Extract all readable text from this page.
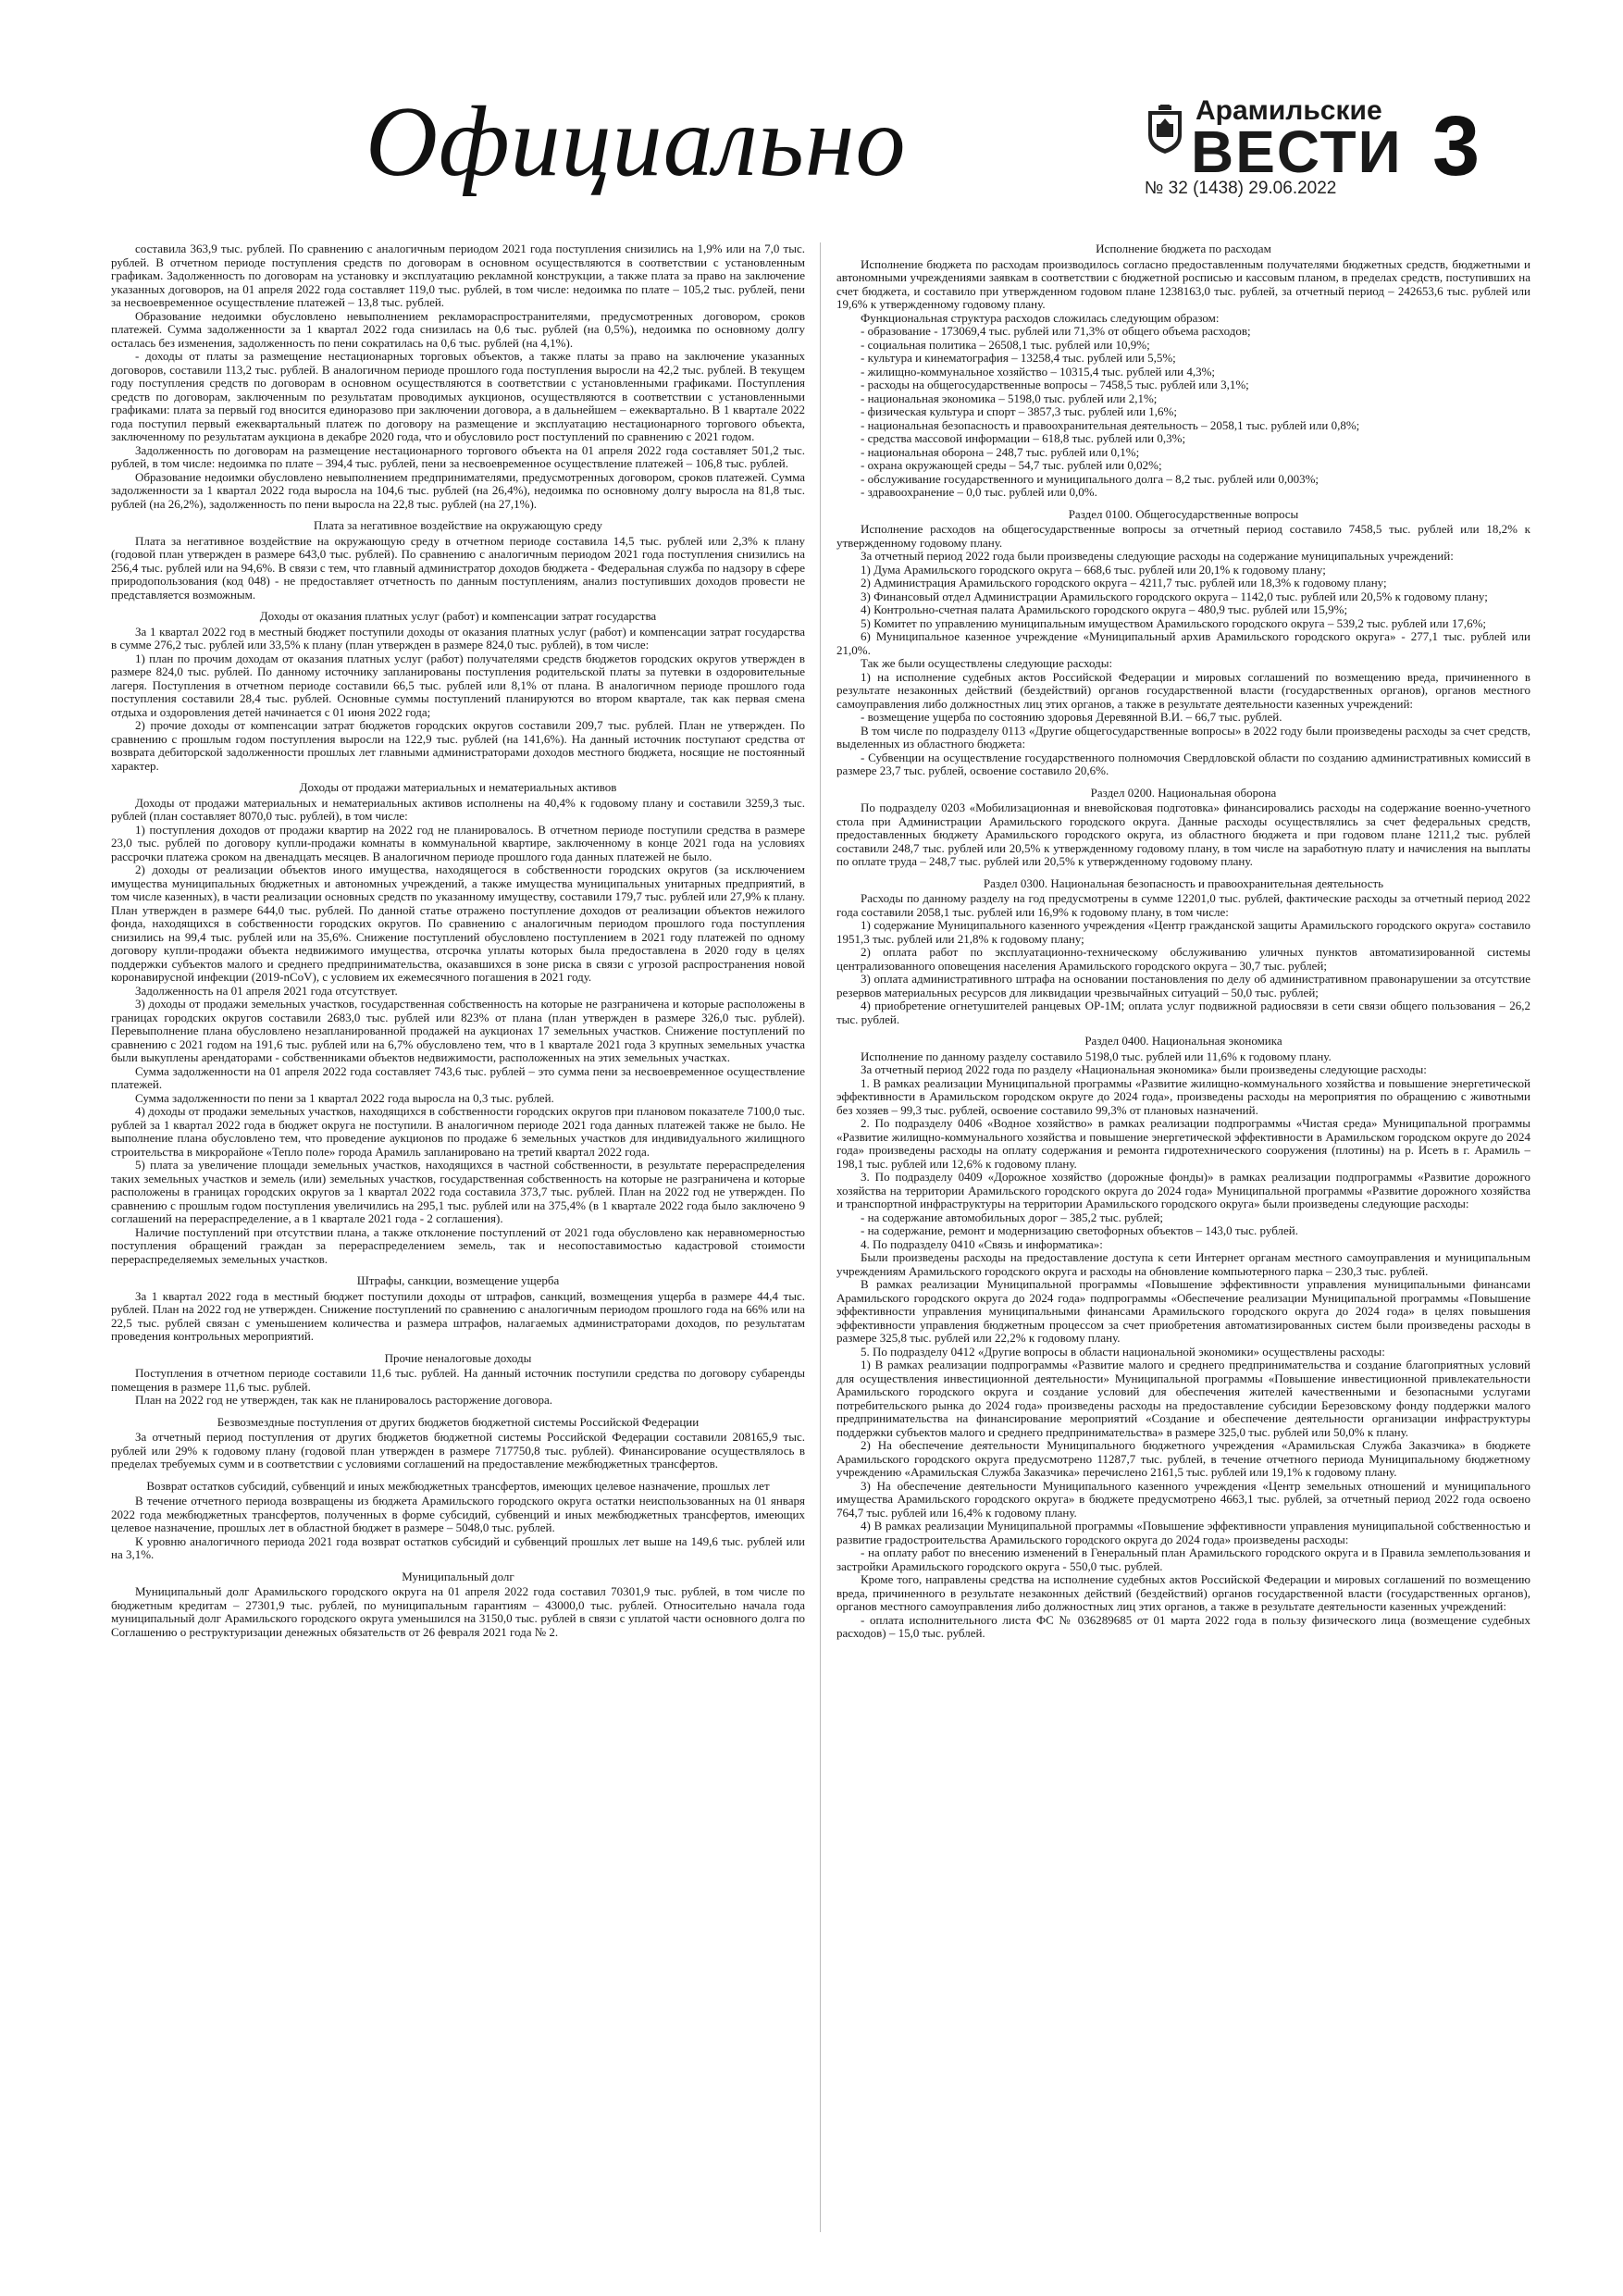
Официально	Арамильские
ВЕСТИ
№ 32 (1438) 29.06.2022 3
составила 363,9 тыс. рублей. По сравнению с аналогичным периодом 2021 года поступления снизились на 1,9% или на 7,0 тыс. рублей. В отчетном периоде поступления средств по договорам в основном осуществляются в соответствии с установленным графикам. Задолженность по договорам на установку и эксплуатацию рекламной конструкции, а также плата за право на заключение указанных договоров, на 01 апреля 2022 года составляет 119,0 тыс. рублей, в том числе: недоимка по плате – 105,2 тыс. рублей, пени за несвоевременное осуществление платежей – 13,8 тыс. рублей.
Образование недоимки обусловлено невыполнением рекламораспространителями, предусмотренных договором, сроков платежей. Сумма задолженности за 1 квартал 2022 года снизилась на 0,6 тыс. рублей (на 0,5%), недоимка по основному долгу осталась без изменения, задолженность по пени сократилась на 0,6 тыс. рублей (на 4,1%).
- доходы от платы за размещение нестационарных торговых объектов, а также платы за право на заключение указанных договоров, составили 113,2 тыс. рублей. В аналогичном периоде прошлого года поступления выросли на 42,2 тыс. рублей. В текущем году поступления средств по договорам в основном осуществляются в соответствии с установленными графиками. Поступления средств по договорам, заключенным по результатам проводимых аукционов, осуществляются в соответствии с установленными графиками: плата за первый год вносится единоразово при заключении договора, а в дальнейшем – ежеквартально. В 1 квартале 2022 года поступил первый ежеквартальный платеж по договору на размещение и эксплуатацию нестационарного торгового объекта, заключенному по результатам аукциона в декабре 2020 года, что и обусловило рост поступлений по сравнению с 2021 годом.
Задолженность по договорам на размещение нестационарного торгового объекта на 01 апреля 2022 года составляет 501,2 тыс. рублей, в том числе: недоимка по плате – 394,4 тыс. рублей, пени за несвоевременное осуществление платежей – 106,8 тыс. рублей.
Образование недоимки обусловлено невыполнением предпринимателями, предусмотренных договором, сроков платежей. Сумма задолженности за 1 квартал 2022 года выросла на 104,6 тыс. рублей (на 26,4%), недоимка по основному долгу выросла на 81,8 тыс. рублей (на 26,2%), задолженность по пени выросла на 22,8 тыс. рублей (на 27,1%).
Плата за негативное воздействие на окружающую среду
Плата за негативное воздействие на окружающую среду в отчетном периоде составила 14,5 тыс. рублей или 2,3% к плану (годовой план утвержден в размере 643,0 тыс. рублей). По сравнению с аналогичным периодом 2021 года поступления снизились на 256,4 тыс. рублей или на 94,6%. В связи с тем, что главный администратор доходов бюджета - Федеральная служба по надзору в сфере природопользования (код 048) - не предоставляет отчетность по данным поступлениям, анализ поступивших доходов провести не представляется возможным.
Доходы от оказания платных услуг (работ) и компенсации затрат государства
За 1 квартал 2022 год в местный бюджет поступили доходы от оказания платных услуг (работ) и компенсации затрат государства в сумме 276,2 тыс. рублей или 33,5% к плану (план утвержден в размере 824,0 тыс. рублей), в том числе:
1) план по прочим доходам от оказания платных услуг (работ) получателями средств бюджетов городских округов утвержден в размере 824,0 тыс. рублей. По данному источнику запланированы поступления родительской платы за путевки в оздоровительные лагеря. Поступления в отчетном периоде составили 66,5 тыс. рублей или 8,1% от плана. В аналогичном периоде прошлого года поступления составили 28,4 тыс. рублей. Основные суммы поступлений планируются во втором квартале, так как первая смена отдыха и оздоровления детей начинается с 01 июня 2022 года;
2) прочие доходы от компенсации затрат бюджетов городских округов составили 209,7 тыс. рублей. План не утвержден. По сравнению с прошлым годом поступления выросли на 122,9 тыс. рублей (на 141,6%). На данный источник поступают средства от возврата дебиторской задолженности прошлых лет главными администраторами доходов местного бюджета, носящие не постоянный характер.
Доходы от продажи материальных и нематериальных активов
Доходы от продажи материальных и нематериальных активов исполнены на 40,4% к годовому плану и составили 3259,3 тыс. рублей (план составляет 8070,0 тыс. рублей), в том числе:
1) поступления доходов от продажи квартир на 2022 год не планировалось. В отчетном периоде поступили средства в размере 23,0 тыс. рублей по договору купли-продажи комнаты в коммунальной квартире, заключенному в конце 2021 года на условиях рассрочки платежа сроком на двенадцать месяцев. В аналогичном периоде прошлого года данных платежей не было.
2) доходы от реализации объектов иного имущества, находящегося в собственности городских округов (за исключением имущества муниципальных бюджетных и автономных учреждений, а также имущества муниципальных унитарных предприятий, в том числе казенных), в части реализации основных средств по указанному имуществу, составили 179,7 тыс. рублей или 27,9% к плану. План утвержден в размере 644,0 тыс. рублей. По данной статье отражено поступление доходов от реализации объектов нежилого фонда, находящихся в собственности городских округов. По сравнению с аналогичным периодом прошлого года поступления снизились на 99,4 тыс. рублей или на 35,6%. Снижение поступлений обусловлено поступлением в 2021 году платежей по одному договору купли-продажи объекта недвижимого имущества, отсрочка уплаты которых была предоставлена в 2020 году в целях поддержки субъектов малого и среднего предпринимательства, оказавшихся в зоне риска в связи с угрозой распространения новой коронавирусной инфекции (2019-nCoV), с условием их ежемесячного погашения в 2021 году.
Задолженность на 01 апреля 2021 года отсутствует.
3) доходы от продажи земельных участков, государственная собственность на которые не разграничена и которые расположены в границах городских округов составили 2683,0 тыс. рублей или 823% от плана (план утвержден в размере 326,0 тыс. рублей). Перевыполнение плана обусловлено незапланированной продажей на аукционах 17 земельных участков. Снижение поступлений по сравнению с 2021 годом на 191,6 тыс. рублей или на 6,7% обусловлено тем, что в 1 квартале 2021 года 3 крупных земельных участка были выкуплены арендаторами - собственниками объектов недвижимости, расположенных на этих земельных участках.
Сумма задолженности на 01 апреля 2022 года составляет 743,6 тыс. рублей – это сумма пени за несвоевременное осуществление платежей.
Сумма задолженности по пени за 1 квартал 2022 года выросла на 0,3 тыс. рублей.
4) доходы от продажи земельных участков, находящихся в собственности городских округов при плановом показателе 7100,0 тыс. рублей за 1 квартал 2022 года в бюджет округа не поступили. В аналогичном периоде 2021 года данных платежей также не было. Не выполнение плана обусловлено тем, что проведение аукционов по продаже 6 земельных участков для индивидуального жилищного строительства в микрорайоне «Тепло поле» города Арамиль запланировано на третий квартал 2022 года.
5) плата за увеличение площади земельных участков, находящихся в частной собственности, в результате перераспределения таких земельных участков и земель (или) земельных участков, государственная собственность на которые не разграничена и которые расположены в границах городских округов за 1 квартал 2022 года составила 373,7 тыс. рублей. План на 2022 год не утвержден. По сравнению с прошлым годом поступления увеличились на 295,1 тыс. рублей или на 375,4% (в 1 квартале 2022 года было заключено 9 соглашений на перераспределение, а в 1 квартале 2021 года - 2 соглашения).
Наличие поступлений при отсутствии плана, а также отклонение поступлений от 2021 года обусловлено как неравномерностью поступления обращений граждан за перераспределением земель, так и несопоставимостью кадастровой стоимости перераспределяемых земельных участков.
Штрафы, санкции, возмещение ущерба
За 1 квартал 2022 года в местный бюджет поступили доходы от штрафов, санкций, возмещения ущерба в размере 44,4 тыс. рублей. План на 2022 год не утвержден. Снижение поступлений по сравнению с аналогичным периодом прошлого года на 66% или на 22,5 тыс. рублей связан с уменьшением количества и размера штрафов, налагаемых администраторами доходов, по результатам проведения контрольных мероприятий.
Прочие неналоговые доходы
Поступления в отчетном периоде составили 11,6 тыс. рублей. На данный источник поступили средства по договору субаренды помещения в размере 11,6 тыс. рублей.
План на 2022 год не утвержден, так как не планировалось расторжение договора.
Безвозмездные поступления от других бюджетов бюджетной системы Российской Федерации
За отчетный период поступления от других бюджетов бюджетной системы Российской Федерации составили 208165,9 тыс. рублей или 29% к годовому плану (годовой план утвержден в размере 717750,8 тыс. рублей). Финансирование осуществлялось в пределах требуемых сумм и в соответствии с условиями соглашений на предоставление межбюджетных трансфертов.
Возврат остатков субсидий, субвенций и иных межбюджетных трансфертов, имеющих целевое назначение, прошлых лет
В течение отчетного периода возвращены из бюджета Арамильского городского округа остатки неиспользованных на 01 января 2022 года межбюджетных трансфертов, полученных в форме субсидий, субвенций и иных межбюджетных трансфертов, имеющих целевое назначение, прошлых лет в областной бюджет в размере – 5048,0 тыс. рублей.
К уровню аналогичного периода 2021 года возврат остатков субсидий и субвенций прошлых лет выше на 149,6 тыс. рублей или на 3,1%.
Муниципальный долг
Муниципальный долг Арамильского городского округа на 01 апреля 2022 года составил 70301,9 тыс. рублей, в том числе по бюджетным кредитам – 27301,9 тыс. рублей, по муниципальным гарантиям – 43000,0 тыс. рублей. Относительно начала года муниципальный долг Арамильского городского округа уменьшился на 3150,0 тыс. рублей в связи с уплатой части основного долга по Соглашению о реструктуризации денежных обязательств от 26 февраля 2021 года № 2.
Исполнение бюджета по расходам
Исполнение бюджета по расходам производилось согласно предоставленным получателями бюджетных средств, бюджетными и автономными учреждениями заявкам в соответствии с бюджетной росписью и кассовым планом, в пределах средств, поступивших на счет бюджета, и составило при утвержденном годовом плане 1238163,0 тыс. рублей, за отчетный период – 242653,6 тыс. рублей или 19,6% к утвержденному годовому плану.
Функциональная структура расходов сложилась следующим образом:
- образование - 173069,4 тыс. рублей или 71,3% от общего объема расходов;
- социальная политика – 26508,1 тыс. рублей или 10,9%;
- культура и кинематография – 13258,4 тыс. рублей или 5,5%;
- жилищно-коммунальное хозяйство – 10315,4 тыс. рублей или 4,3%;
- расходы на общегосударственные вопросы – 7458,5 тыс. рублей или 3,1%;
- национальная экономика – 5198,0 тыс. рублей или 2,1%;
- физическая культура и спорт – 3857,3 тыс. рублей или 1,6%;
- национальная безопасность и правоохранительная деятельность – 2058,1 тыс. рублей или 0,8%;
- средства массовой информации – 618,8 тыс. рублей или 0,3%;
- национальная оборона – 248,7 тыс. рублей или 0,1%;
- охрана окружающей среды – 54,7 тыс. рублей или 0,02%;
- обслуживание государственного и муниципального долга – 8,2 тыс. рублей или 0,003%;
- здравоохранение – 0,0 тыс. рублей или 0,0%.
Раздел 0100. Общегосударственные вопросы
Исполнение расходов на общегосударственные вопросы за отчетный период составило 7458,5 тыс. рублей или 18,2% к утвержденному годовому плану.
За отчетный период 2022 года были произведены следующие расходы на содержание муниципальных учреждений:
1) Дума Арамильского городского округа – 668,6 тыс. рублей или 20,1% к годовому плану;
2) Администрация Арамильского городского округа – 4211,7 тыс. рублей или 18,3% к годовому плану;
3) Финансовый отдел Администрации Арамильского городского округа – 1142,0 тыс. рублей или 20,5% к годовому плану;
4) Контрольно-счетная палата Арамильского городского округа – 480,9 тыс. рублей или 15,9%;
5) Комитет по управлению муниципальным имуществом Арамильского городского округа – 539,2 тыс. рублей или 17,6%;
6) Муниципальное казенное учреждение «Муниципальный архив Арамильского городского округа» - 277,1 тыс. рублей или 21,0%.
Так же были осуществлены следующие расходы:
1) на исполнение судебных актов Российской Федерации и мировых соглашений по возмещению вреда, причиненного в результате незаконных действий (бездействий) органов государственной власти (государственных органов), органов местного самоуправления либо должностных лиц этих органов, а также в результате деятельности казенных учреждений:
- возмещение ущерба по состоянию здоровья Деревянной В.И. – 66,7 тыс. рублей.
В том числе по подразделу 0113 «Другие общегосударственные вопросы» в 2022 году были произведены расходы за счет средств, выделенных из областного бюджета:
- Субвенции на осуществление государственного полномочия Свердловской области по созданию административных комиссий в размере 23,7 тыс. рублей, освоение составило 20,6%.
Раздел 0200. Национальная оборона
По подразделу 0203 «Мобилизационная и вневойсковая подготовка» финансировались расходы на содержание военно-учетного стола при Администрации Арамильского городского округа. Данные расходы осуществлялись за счет федеральных средств, предоставленных бюджету Арамильского городского округа, из областного бюджета и при годовом плане 1211,2 тыс. рублей составили 248,7 тыс. рублей или 20,5% к утвержденному годовому плану, в том числе на заработную плату и начисления на выплаты по оплате труда – 248,7 тыс. рублей или 20,5% к утвержденному годовому плану.
Раздел 0300. Национальная безопасность и правоохранительная деятельность
Расходы по данному разделу на год предусмотрены в сумме 12201,0 тыс. рублей, фактические расходы за отчетный период 2022 года составили 2058,1 тыс. рублей или 16,9% к годовому плану, в том числе:
1) содержание Муниципального казенного учреждения «Центр гражданской защиты Арамильского городского округа» составило 1951,3 тыс. рублей или 21,8% к годовому плану;
2) оплата работ по эксплуатационно-техническому обслуживанию уличных пунктов автоматизированной системы централизованного оповещения населения Арамильского городского округа – 30,7 тыс. рублей;
3) оплата административного штрафа на основании постановления по делу об административном правонарушении за отсутствие резервов материальных ресурсов для ликвидации чрезвычайных ситуаций – 50,0 тыс. рублей;
4) приобретение огнетушителей ранцевых ОР-1М; оплата услуг подвижной радиосвязи в сети связи общего пользования – 26,2 тыс. рублей.
Раздел 0400. Национальная экономика
Исполнение по данному разделу составило 5198,0 тыс. рублей или 11,6% к годовому плану.
За отчетный период 2022 года по разделу «Национальная экономика» были произведены следующие расходы:
1. В рамках реализации Муниципальной программы «Развитие жилищно-коммунального хозяйства и повышение энергетической эффективности в Арамильском городском округе до 2024 года», произведены расходы на мероприятия по обращению с животными без хозяев – 99,3 тыс. рублей, освоение составило 99,3% от плановых назначений.
2. По подразделу 0406 «Водное хозяйство» в рамках реализации подпрограммы «Чистая среда» Муниципальной программы «Развитие жилищно-коммунального хозяйства и повышение энергетической эффективности в Арамильском городском округе до 2024 года» произведены расходы на оплату содержания и ремонта гидротехнического сооружения (плотины) на р. Исеть в г. Арамиль – 198,1 тыс. рублей или 12,6% к годовому плану.
3. По подразделу 0409 «Дорожное хозяйство (дорожные фонды)» в рамках реализации подпрограммы «Развитие дорожного хозяйства на территории Арамильского городского округа до 2024 года» Муниципальной программы «Развитие дорожного хозяйства и транспортной инфраструктуры на территории Арамильского городского округа» были произведены следующие расходы:
- на содержание автомобильных дорог – 385,2 тыс. рублей;
- на содержание, ремонт и модернизацию светофорных объектов – 143,0 тыс. рублей.
4. По подразделу 0410 «Связь и информатика»:
Были произведены расходы на предоставление доступа к сети Интернет органам местного самоуправления и муниципальным учреждениям Арамильского городского округа и расходы на обновление компьютерного парка – 230,3 тыс. рублей.
В рамках реализации Муниципальной программы «Повышение эффективности управления муниципальными финансами Арамильского городского округа до 2024 года» подпрограммы «Обеспечение реализации Муниципальной программы «Повышение эффективности управления муниципальными финансами Арамильского городского округа до 2024 года» в целях повышения эффективности управления бюджетным процессом за счет приобретения автоматизированных систем были произведены расходы в размере 325,8 тыс. рублей или 22,2% к годовому плану.
5. По подразделу 0412 «Другие вопросы в области национальной экономики» осуществлены расходы:
1) В рамках реализации подпрограммы «Развитие малого и среднего предпринимательства и создание благоприятных условий для осуществления инвестиционной деятельности» Муниципальной программы «Повышение инвестиционной привлекательности Арамильского городского округа и создание условий для обеспечения жителей качественными и безопасными услугами потребительского рынка до 2024 года» произведены расходы на предоставление субсидии Березовскому фонду поддержки малого предпринимательства на финансирование мероприятий «Создание и обеспечение деятельности организации инфраструктуры поддержки субъектов малого и среднего предпринимательства» в размере 325,0 тыс. рублей или 50,0% к плану.
2) На обеспечение деятельности Муниципального бюджетного учреждения «Арамильская Служба Заказчика» в бюджете Арамильского городского округа предусмотрено 11287,7 тыс. рублей, в течение отчетного периода Муниципальному бюджетному учреждению «Арамильская Служба Заказчика» перечислено 2161,5 тыс. рублей или 19,1% к годовому плану.
3) На обеспечение деятельности Муниципального казенного учреждения «Центр земельных отношений и муниципального имущества Арамильского городского округа» в бюджете предусмотрено 4663,1 тыс. рублей, за отчетный период 2022 года освоено 764,7 тыс. рублей или 16,4% к годовому плану.
4) В рамках реализации Муниципальной программы «Повышение эффективности управления муниципальной собственностью и развитие градостроительства Арамильского городского округа до 2024 года» произведены расходы:
- на оплату работ по внесению изменений в Генеральный план Арамильского городского округа и в Правила землепользования и застройки Арамильского городского округа - 550,0 тыс. рублей.
Кроме того, направлены средства на исполнение судебных актов Российской Федерации и мировых соглашений по возмещению вреда, причиненного в результате незаконных действий (бездействий) органов государственной власти (государственных органов), органов местного самоуправления либо должностных лиц этих органов, а также в результате деятельности казенных учреждений:
- оплата исполнительного листа ФС № 036289685 от 01 марта 2022 года в пользу физического лица (возмещение судебных расходов) – 15,0 тыс. рублей.
